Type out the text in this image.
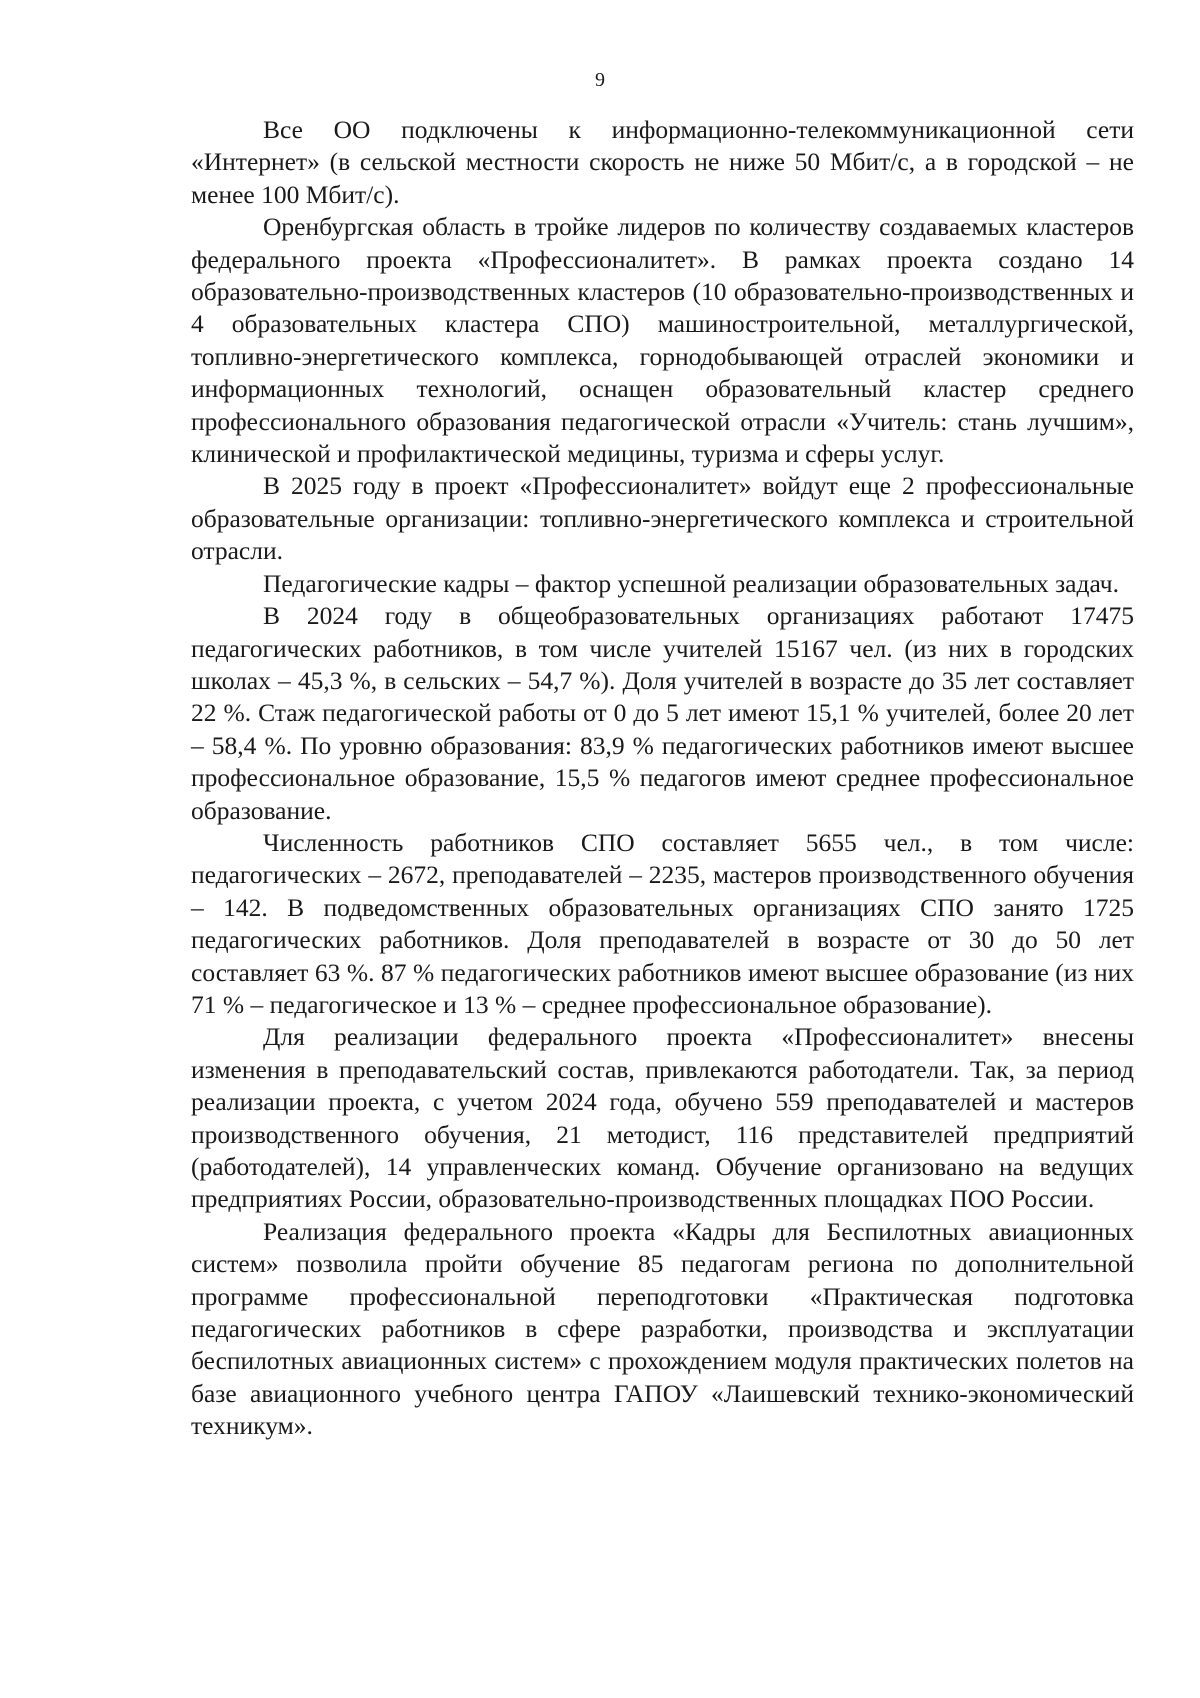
9

Все ОО подключены к информационно-телекоммуникационной сети «Интернет» (в сельской местности скорость не ниже 50 Мбит/с, а в городской – не менее 100 Мбит/с).

Оренбургская область в тройке лидеров по количеству создаваемых кластеров федерального проекта «Профессионалитет». В рамках проекта создано 14 образовательно-производственных кластеров (10 образовательно-производственных и 4 образовательных кластера СПО) машиностроительной, металлургической, топливно-энергетического комплекса, горнодобывающей отраслей экономики и информационных технологий, оснащен образовательный кластер среднего профессионального образования педагогической отрасли «Учитель: стань лучшим», клинической и профилактической медицины, туризма и сферы услуг.

В 2025 году в проект «Профессионалитет» войдут еще 2 профессиональные образовательные организации: топливно-энергетического комплекса и строительной отрасли.

Педагогические кадры – фактор успешной реализации образовательных задач.

В 2024 году в общеобразовательных организациях работают 17475 педагогических работников, в том числе учителей 15167 чел. (из них в городских школах – 45,3 %, в сельских – 54,7 %). Доля учителей в возрасте до 35 лет составляет 22 %. Стаж педагогической работы от 0 до 5 лет имеют 15,1 % учителей, более 20 лет – 58,4 %. По уровню образования: 83,9 % педагогических работников имеют высшее профессиональное образование, 15,5 % педагогов имеют среднее профессиональное образование.

Численность работников СПО составляет 5655 чел., в том числе: педагогических – 2672, преподавателей – 2235, мастеров производственного обучения – 142. В подведомственных образовательных организациях СПО занято 1725 педагогических работников. Доля преподавателей в возрасте от 30 до 50 лет составляет 63 %. 87 % педагогических работников имеют высшее образование (из них 71 % – педагогическое и 13 % – среднее профессиональное образование).

Для реализации федерального проекта «Профессионалитет» внесены изменения в преподавательский состав, привлекаются работодатели. Так, за период реализации проекта, с учетом 2024 года, обучено 559 преподавателей и мастеров производственного обучения, 21 методист, 116 представителей предприятий (работодателей), 14 управленческих команд. Обучение организовано на ведущих предприятиях России, образовательно-производственных площадках ПОО России.

Реализация федерального проекта «Кадры для Беспилотных авиационных систем» позволила пройти обучение 85 педагогам региона по дополнительной программе профессиональной переподготовки «Практическая подготовка педагогических работников в сфере разработки, производства и эксплуатации беспилотных авиационных систем» с прохождением модуля практических полетов на базе авиационного учебного центра ГАПОУ «Лаишевский технико-экономический техникум».
